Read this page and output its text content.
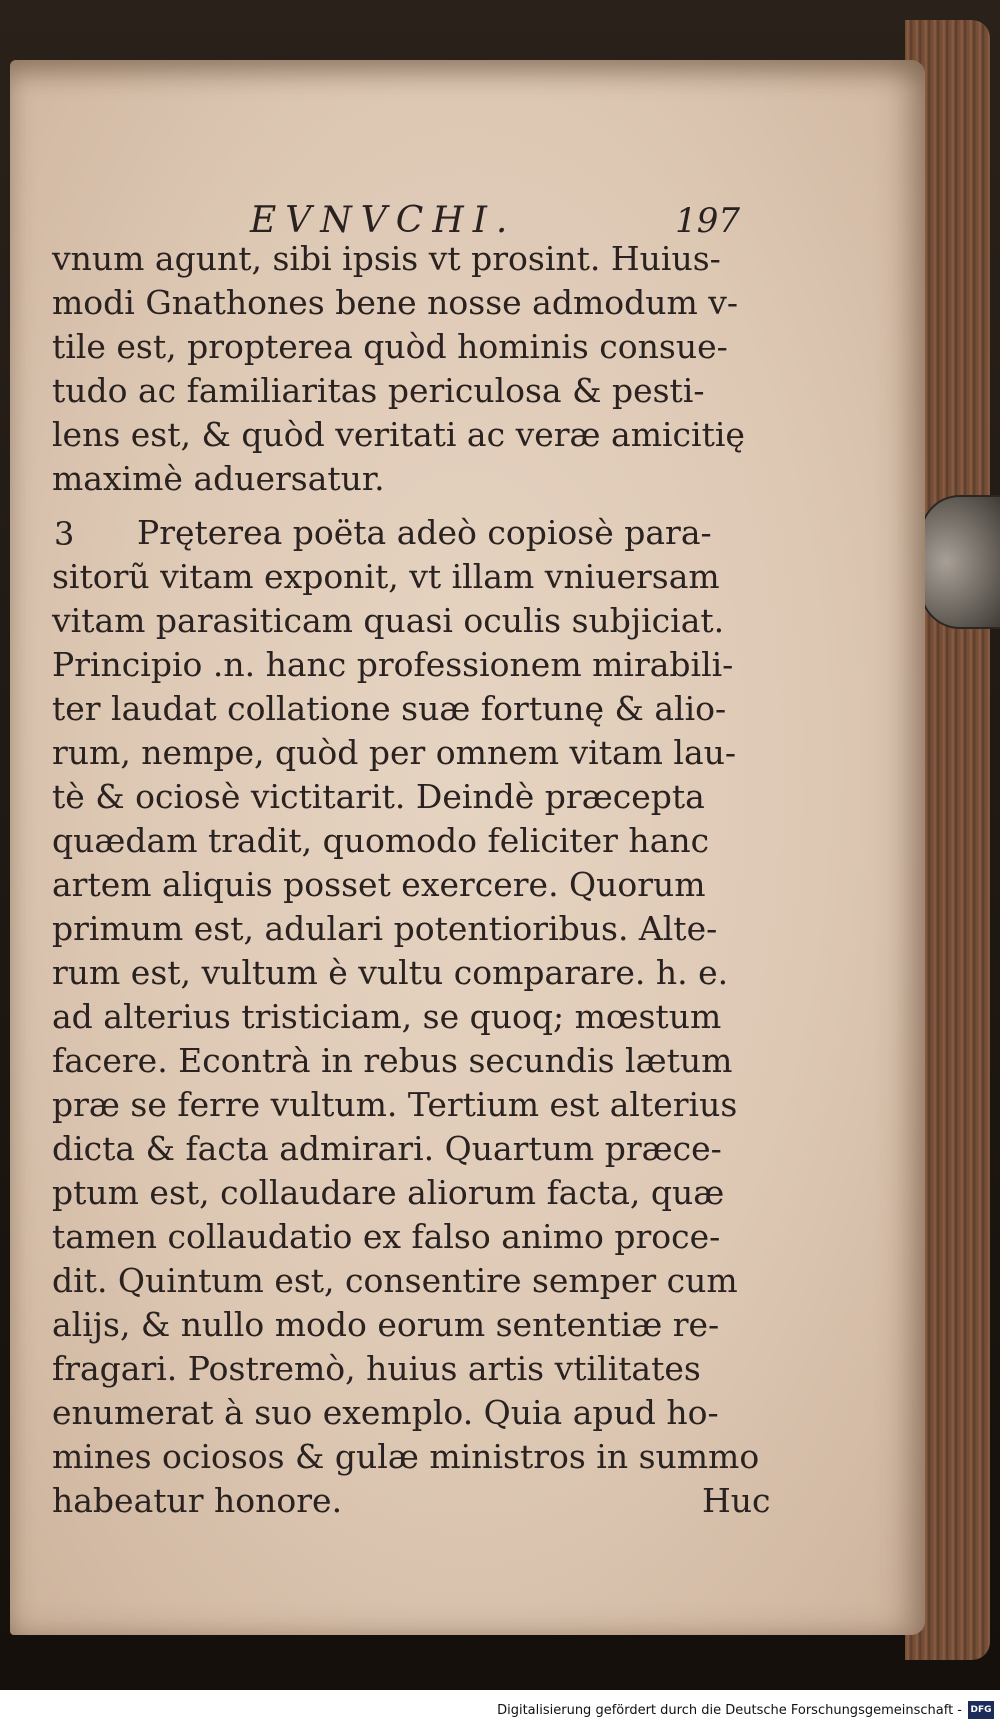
EVNVCHI.	197
3
vnum agunt, sibi ipsis vt prosint. Huius-
modi Gnathones bene nosse admodum v-
tile est, propterea quòd hominis consue-
tudo ac familiaritas periculosa & pesti-
lens est, & quòd veritati ac veræ amicitię
maximè aduersatur.
Prętereа poëta adeò copiosè para-
sitorũ vitam exponit, vt illam vniuersam
vitam parasiticam quasi oculis subjiciat.
Principio .n. hanc professionem mirabili-
ter laudat collatione suæ fortunę & alio-
rum, nempe, quòd per omnem vitam lau-
tè & ociosè victitarit. Deindè præcepta
quædam tradit, quomodo feliciter hanc
artem aliquis posset exercere. Quorum
primum est, adulari potentioribus. Alte-
rum est, vultum è vultu comparare. h. e.
ad alterius tristiciam, se quoq; mœstum
facere. Econtrà in rebus secundis lætum
præ se ferre vultum. Tertium est alterius
dicta & facta admirari. Quartum præce-
ptum est, collaudare aliorum facta, quæ
tamen collaudatio ex falso animo proce-
dit. Quintum est, consentire semper cum
alijs, & nullo modo eorum sententiæ re-
fragari. Postremò, huius artis vtilitates
enumerat à suo exemplo. Quia apud ho-
mines ociosos & gulæ ministros in summo
habeatur honore.	Huc
Digitalisierung gefördert durch die Deutsche Forschungsgemeinschaft - DFG
